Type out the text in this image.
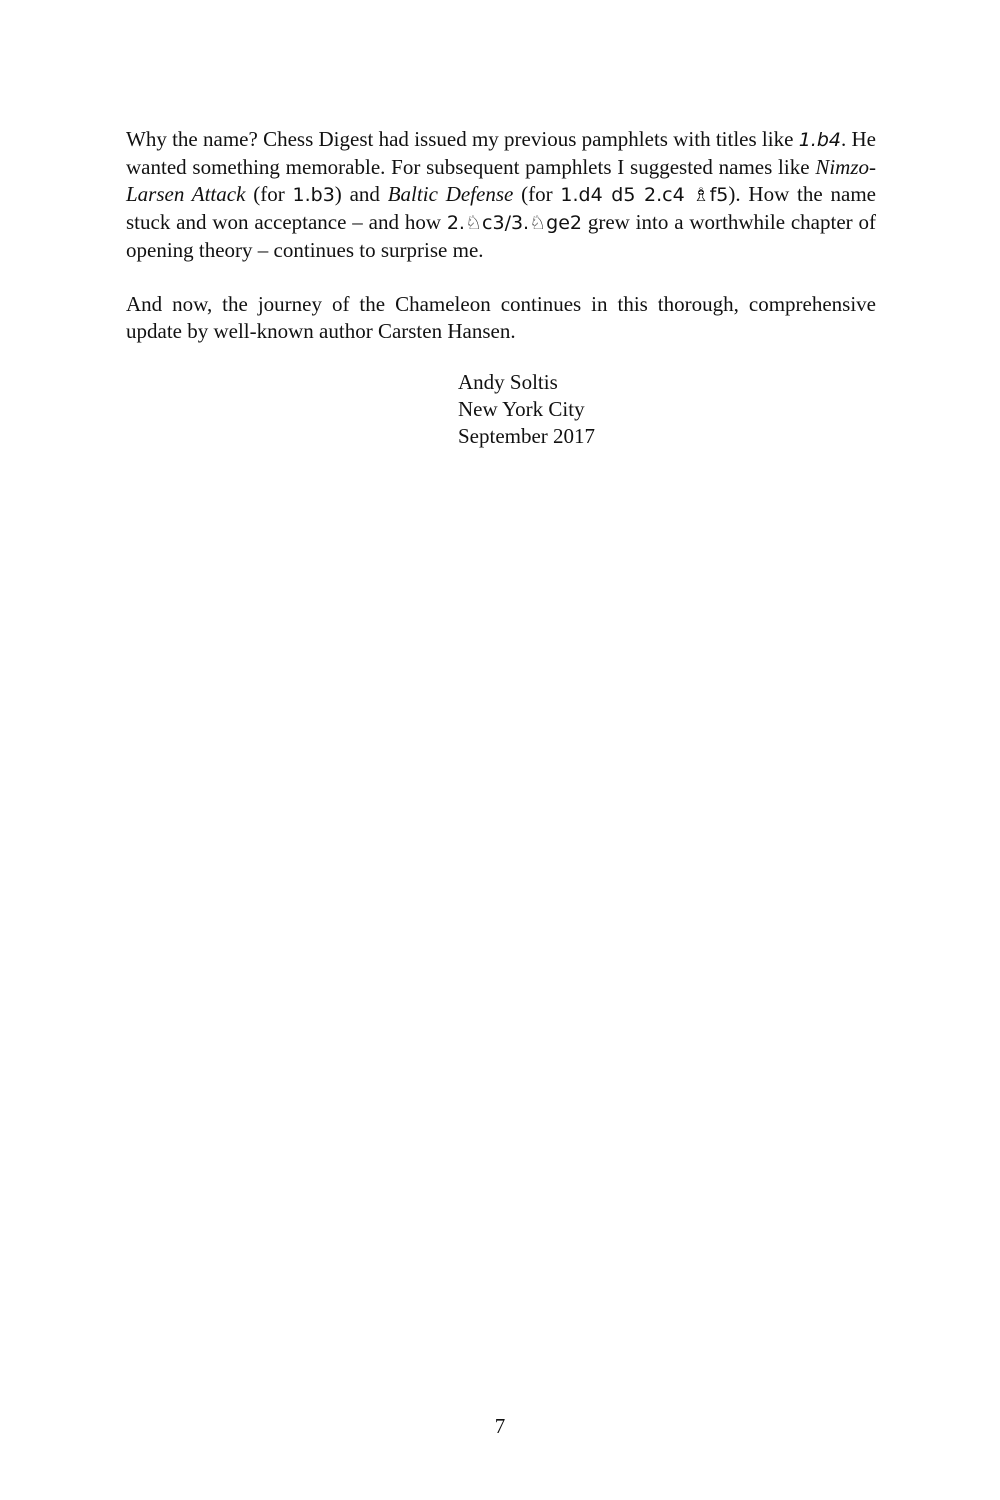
Why the name? Chess Digest had issued my previous pamphlets with titles like 1.b4. He wanted something memorable. For subsequent pamphlets I suggested names like Nimzo-Larsen Attack (for 1.b3) and Baltic Defense (for 1.d4 d5 2.c4 ♗f5). How the name stuck and won acceptance – and how 2.♘c3/3.♘ge2 grew into a worthwhile chapter of opening theory – continues to surprise me.

And now, the journey of the Chameleon continues in this thorough, comprehensive update by well-known author Carsten Hansen.

Andy Soltis
New York City
September 2017
7
